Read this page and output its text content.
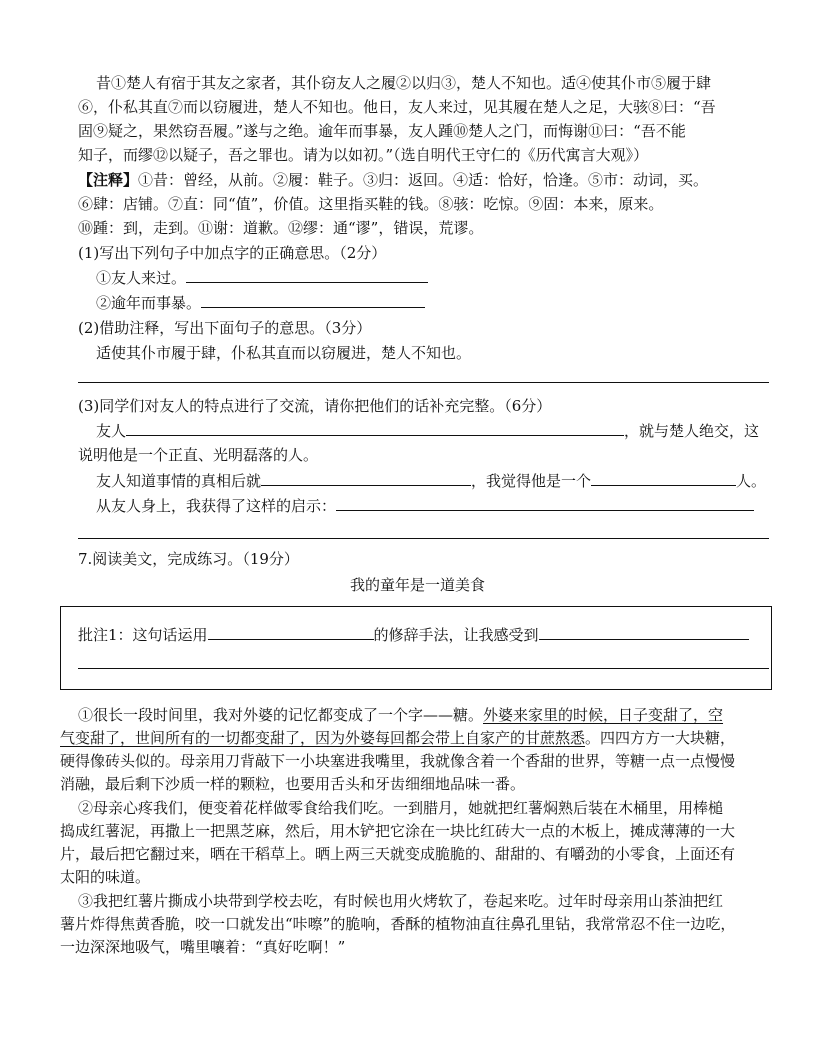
昔①楚人有宿于其友之家者，其仆窃友人之履②以归③，楚人不知也。适④使其仆市⑤履于肆
⑥，仆私其直⑦而以窃履进，楚人不知也。他日，友人来过，见其履在楚人之足，大骇⑧曰：“吾
固⑨疑之，果然窃吾履。”遂与之绝。逾年而事暴，友人踵⑩楚人之门，而悔谢⑪曰：“吾不能
知子，而缪⑫以疑子，吾之罪也。请为以如初。”（选自明代王守仁的《历代寓言大观》）
【注释】①昔：曾经，从前。②履：鞋子。③归：返回。④适：恰好，恰逢。⑤市：动词，买。
⑥肆：店铺。⑦直：同“值”，价值。这里指买鞋的钱。⑧骇：吃惊。⑨固：本来，原来。
⑩踵：到，走到。⑪谢：道歉。⑫缪：通“谬”，错误，荒谬。
(1)写出下列句子中加点字的正确意思。（2分）
①友人来过。
②逾年而事暴。
(2)借助注释，写出下面句子的意思。（3分）
适使其仆市履于肆，仆私其直而以窃履进，楚人不知也。
(3)同学们对友人的特点进行了交流，请你把他们的话补充完整。（6分）
友人	，就与楚人绝交，这
说明他是一个正直、光明磊落的人。
友人知道事情的真相后就	，我觉得他是一个	人。
从友人身上，我获得了这样的启示：
7.阅读美文，完成练习。（19分）
我的童年是一道美食
批注1：这句话运用	的修辞手法，让我感受到
①很长一段时间里，我对外婆的记忆都变成了一个字——糖。外婆来家里的时候，日子变甜了，空
气变甜了，世间所有的一切都变甜了，因为外婆每回都会带上自家产的甘蔗熬悉。四四方方一大块糖，
硬得像砖头似的。母亲用刀背敲下一小块塞进我嘴里，我就像含着一个香甜的世界，等糖一点一点慢慢
消融，最后剩下沙质一样的颗粒，也要用舌头和牙齿细细地品味一番。
②母亲心疼我们，便变着花样做零食给我们吃。一到腊月，她就把红薯焖熟后装在木桶里，用棒槌
捣成红薯泥，再撒上一把黑芝麻，然后，用木铲把它涂在一块比红砖大一点的木板上，摊成薄薄的一大
片，最后把它翻过来，晒在干稻草上。晒上两三天就变成脆脆的、甜甜的、有嚼劲的小零食，上面还有
太阳的味道。
③我把红薯片撕成小块带到学校去吃，有时候也用火烤软了，卷起来吃。过年时母亲用山茶油把红
薯片炸得焦黄香脆，咬一口就发出“咔嚓”的脆响，香酥的植物油直往鼻孔里钻，我常常忍不住一边吃，
一边深深地吸气，嘴里嚷着：“真好吃啊！”
